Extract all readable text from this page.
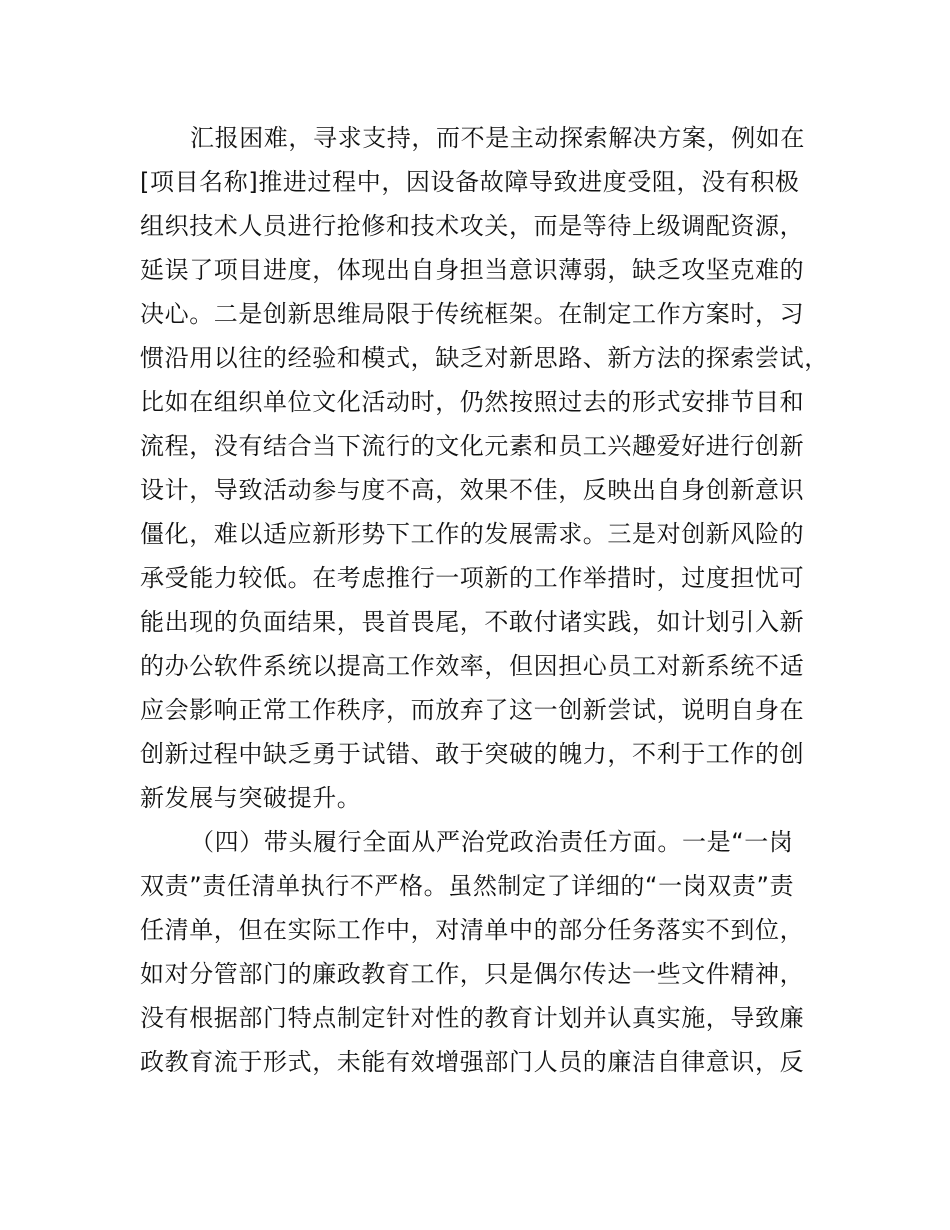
汇报困难，寻求支持，而不是主动探索解决方案，例如在
[项目名称]推进过程中，因设备故障导致进度受阻，没有积极
组织技术人员进行抢修和技术攻关，而是等待上级调配资源，
延误了项目进度，体现出自身担当意识薄弱，缺乏攻坚克难的
决心。二是创新思维局限于传统框架。在制定工作方案时，习
惯沿用以往的经验和模式，缺乏对新思路、新方法的探索尝试，
比如在组织单位文化活动时，仍然按照过去的形式安排节目和
流程，没有结合当下流行的文化元素和员工兴趣爱好进行创新
设计，导致活动参与度不高，效果不佳，反映出自身创新意识
僵化，难以适应新形势下工作的发展需求。三是对创新风险的
承受能力较低。在考虑推行一项新的工作举措时，过度担忧可
能出现的负面结果，畏首畏尾，不敢付诸实践，如计划引入新
的办公软件系统以提高工作效率，但因担心员工对新系统不适
应会影响正常工作秩序，而放弃了这一创新尝试，说明自身在
创新过程中缺乏勇于试错、敢于突破的魄力，不利于工作的创
新发展与突破提升。
（四）带头履行全面从严治党政治责任方面。一是“一岗
双责”责任清单执行不严格。虽然制定了详细的“一岗双责”责
任清单，但在实际工作中，对清单中的部分任务落实不到位，
如对分管部门的廉政教育工作，只是偶尔传达一些文件精神，
没有根据部门特点制定针对性的教育计划并认真实施，导致廉
政教育流于形式，未能有效增强部门人员的廉洁自律意识，反
